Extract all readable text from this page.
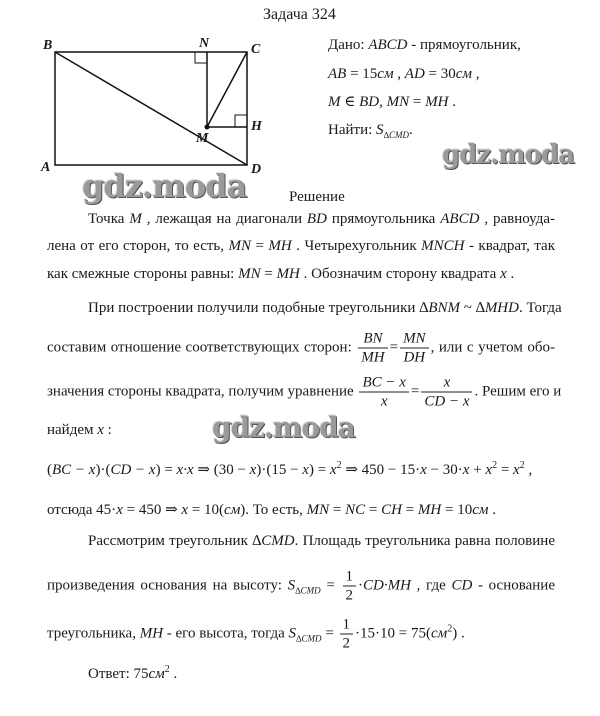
Задача 324
B	N	C
H
M
A	D
Дано: ABCD - прямоугольник,
AB = 15см , AD = 30см ,
M ∈ BD, MN = MH .
Найти: $S_{\Delta CMD}$.
gdz.moda
gdz.moda
gdz.moda
Решение
Точка M , лежащая на диагонали BD прямоугольника ABCD , равноуда-
лена от его сторон, то есть, MN = MH . Четырехугольник MNCH - квадрат, так
как смежные стороны равны: MN = MH . Обозначим сторону квадрата x .
При построении получили подобные треугольники ∆BNM ~ ∆MHD. Тогда
составим отношение соответствующих сторон: $\frac{BN}{MH} = \frac{MN}{DH}$ , или с учетом обо-
значения стороны квадрата, получим уравнение $\frac{BC - x}{x} = \frac{x}{CD - x}$ . Решим его и
найдем x :
(BC − x)·(CD − x) = x·x ⇒ $(30 - x)\cdot(15 - x) = x^2$ ⇒ $450 - 15\cdot x - 30\cdot x + x^2 = x^2$ ,
отсюда 45·x = 450 ⇒ x = 10(см). То есть, MN = NC = CH = MH = 10см .
Рассмотрим треугольник ∆CMD. Площадь треугольника равна половине
произведения основания на высоту: $S_{\Delta CMD} = \frac{1}{2} \cdot CD\cdot MH$ , где CD - основание
треугольника, MH - его высота, тогда $S_{\Delta CMD} = \frac{1}{2} \cdot 15\cdot 10 = 75(см^2)$ .
Ответ: $75см^2$ .
